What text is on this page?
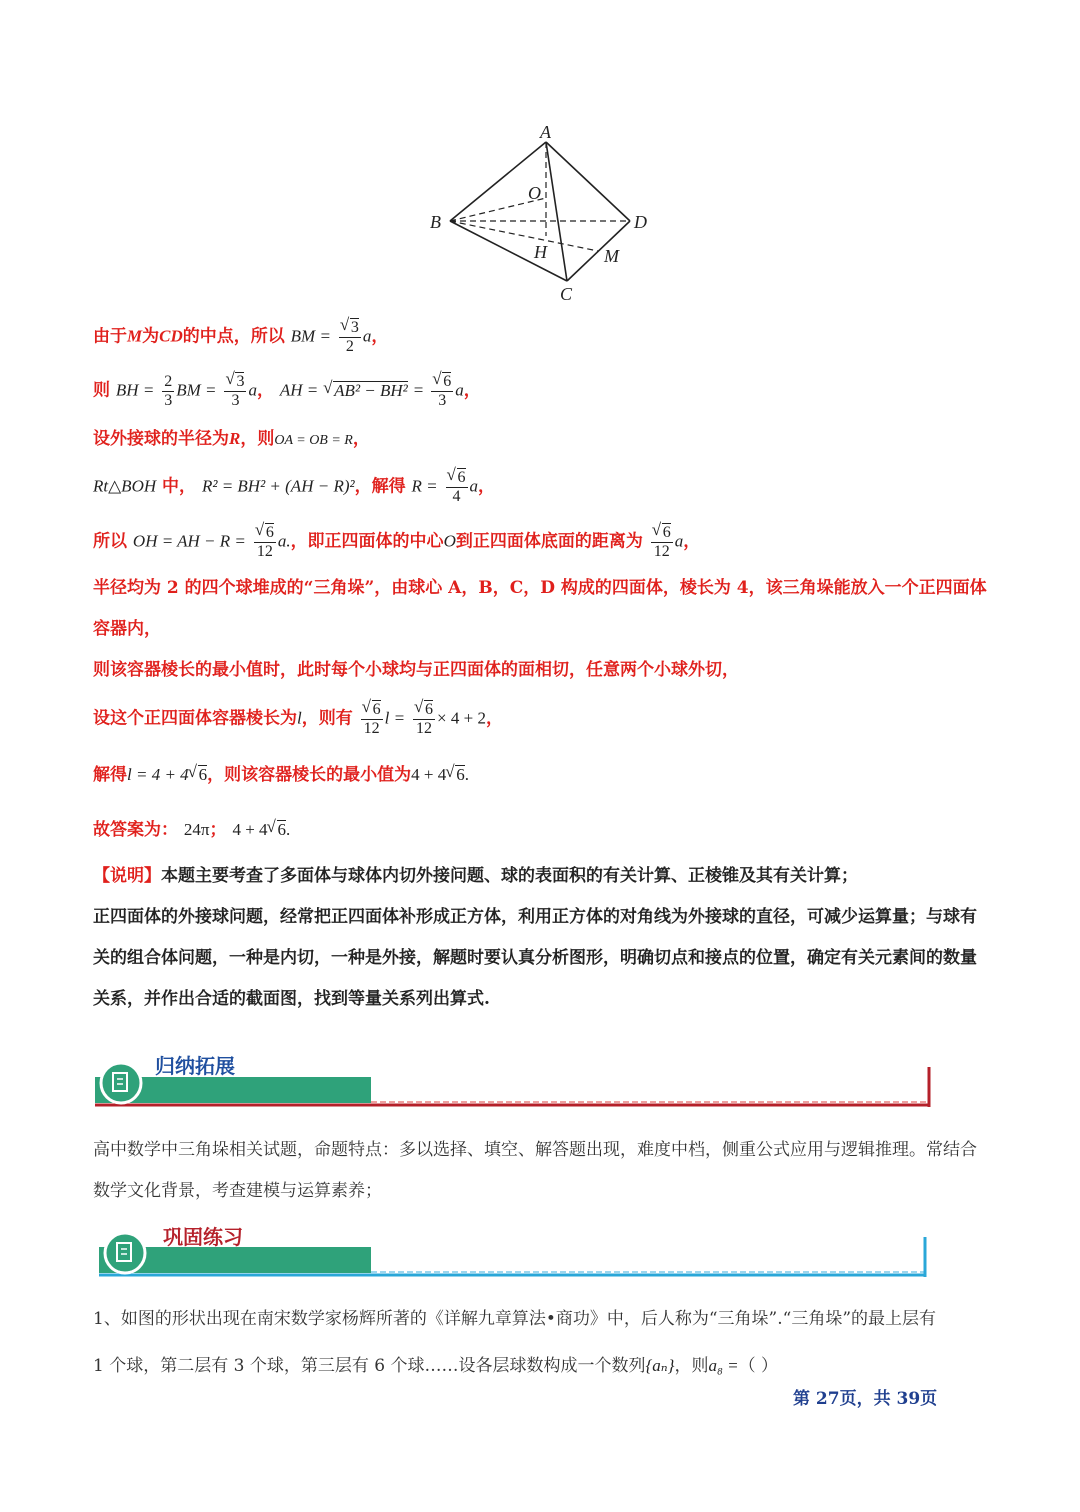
A
B
C
D
O
H	M
由于M为CD的中点，所以 BM = √ $\frac{3}{2}$ a，
则 BH = $\frac{2}{3}$ BM = √ $\frac{3}{3}$ a， AH = √ AB² − BH² = √ $\frac{6}{3}$ a，
设外接球的半径为R，则OA = OB = R，
Rt△BOH 中， R² = BH² + (AH − R)²，解得 R = √ $\frac{6}{4}$ a，
所以 OH = AH − R = √ $\frac{6}{12} a$.，即正四面体的中心O到正四面体底面的距离为 √ $\frac{6}{12}$ a，
半径均为 2 的四个球堆成的“三角垛”，由球心 A，B，C，D 构成的四面体，棱长为 4，该三角垛能放入一个正四面体容器内，
则该容器棱长的最小值时，此时每个小球均与正四面体的面相切，任意两个小球外切，
设这个正四面体容器棱长为l，则有 √ $\frac{6}{12}$ l = √ $\frac{6}{12} \times 4 + 2$，
解得l = 4 + 4 √ 6，则该容器棱长的最小值为4 + 4 √ 6.
故答案为： 24π； 4 + 4 √ 6.
【说明】本题主要考查了多面体与球体内切外接问题、球的表面积的有关计算、正棱锥及其有关计算；
正四面体的外接球问题，经常把正四面体补形成正方体，利用正方体的对角线为外接球的直径，可减少运算量；与球有关的组合体问题，一种是内切，一种是外接，解题时要认真分析图形，明确切点和接点的位置，确定有关元素间的数量关系，并作出合适的截面图，找到等量关系列出算式.
归纳拓展
高中数学中三角垛相关试题，命题特点：多以选择、填空、解答题出现，难度中档，侧重公式应用与逻辑推理。常结合数学文化背景，考查建模与运算素养；
巩固练习
1、如图的形状出现在南宋数学家杨辉所著的《详解九章算法•商功》中，后人称为“三角垛”.“三角垛”的最上层有
1 个球，第二层有 3 个球，第三层有 6 个球……设各层球数构成一个数列{aₙ}，则a₈ =（ ）
第 27页，共 39页
